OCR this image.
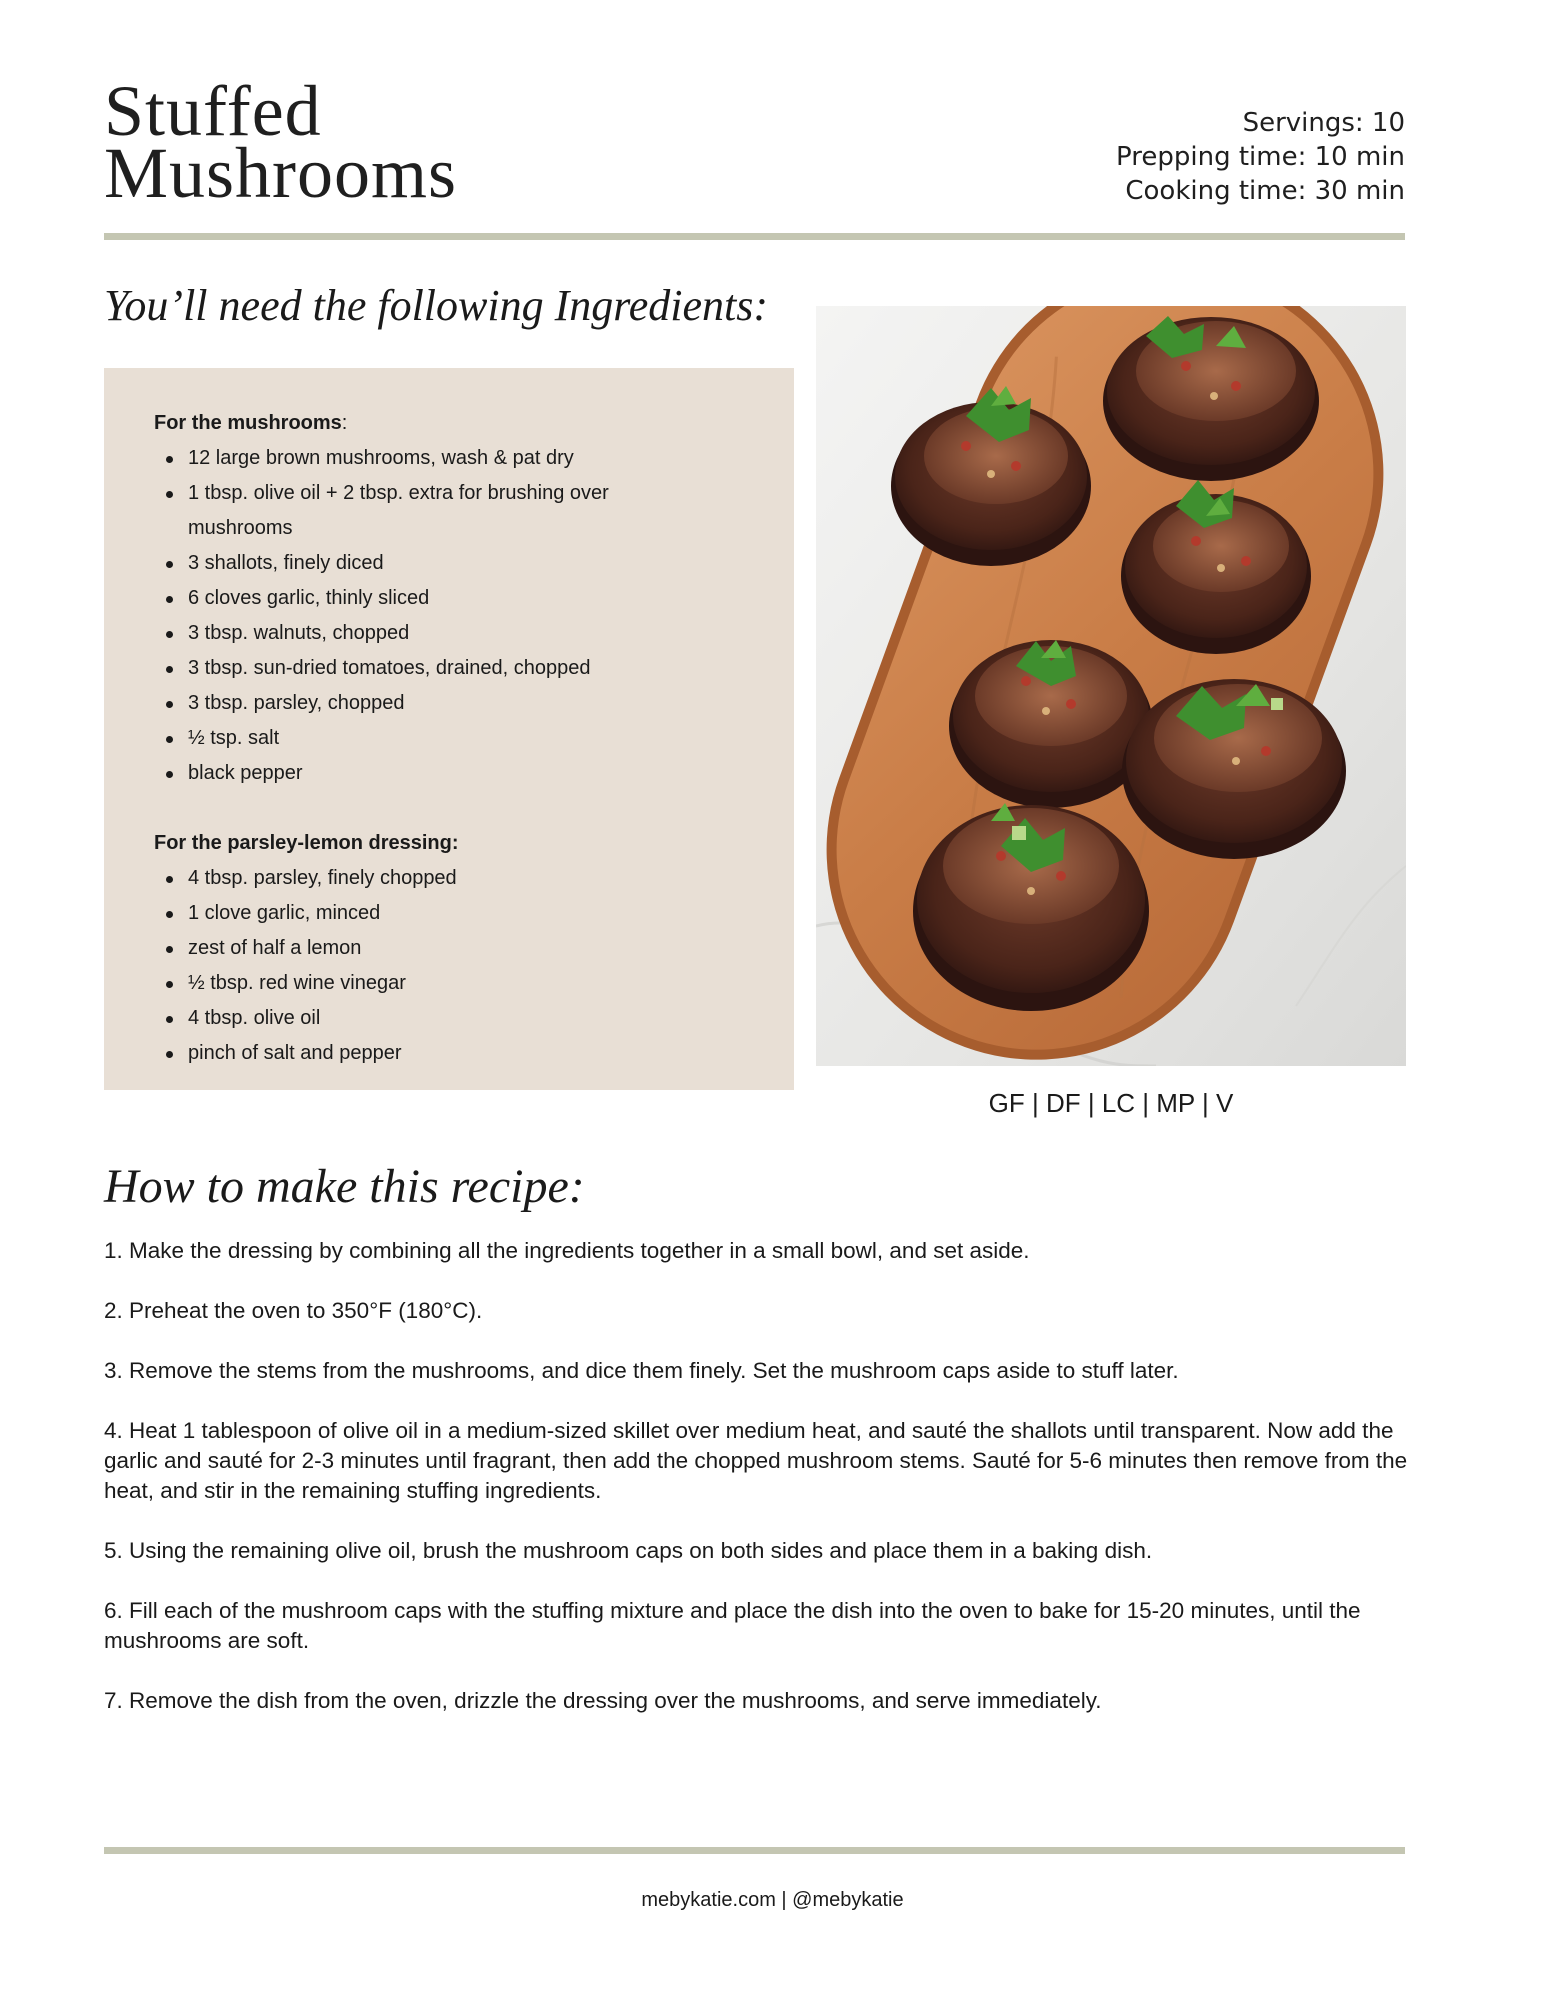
Stuffed
Mushrooms
Servings: 10
Prepping time: 10 min
Cooking time: 30 min
You’ll need the following Ingredients:

For the mushrooms:

12 large brown mushrooms, wash & pat dry
1 tbsp. olive oil + 2 tbsp. extra for brushing over mushrooms
3 shallots, finely diced
6 cloves garlic, thinly sliced
3 tbsp. walnuts, chopped
3 tbsp. sun-dried tomatoes, drained, chopped
3 tbsp. parsley, chopped
½ tsp. salt
black pepper

For the parsley-lemon dressing:

4 tbsp. parsley, finely chopped
1 clove garlic, minced
zest of half a lemon
½ tbsp. red wine vinegar
4 tbsp. olive oil
pinch of salt and pepper
GF | DF | LC | MP | V
How to make this recipe:

1. Make the dressing by combining all the ingredients together in a small bowl, and set aside.

2. Preheat the oven to 350°F (180°C).

3. Remove the stems from the mushrooms, and dice them finely. Set the mushroom caps aside to stuff later.

4. Heat 1 tablespoon of olive oil in a medium-sized skillet over medium heat, and sauté the shallots until transparent. Now add the garlic and sauté for 2-3 minutes until fragrant, then add the chopped mushroom stems. Sauté for 5-6 minutes then remove from the heat, and stir in the remaining stuffing ingredients.

5. Using the remaining olive oil, brush the mushroom caps on both sides and place them in a baking dish.

6. Fill each of the mushroom caps with the stuffing mixture and place the dish into the oven to bake for 15-20 minutes, until the mushrooms are soft.

7. Remove the dish from the oven, drizzle the dressing over the mushrooms, and serve immediately.

mebykatie.com | @mebykatie
